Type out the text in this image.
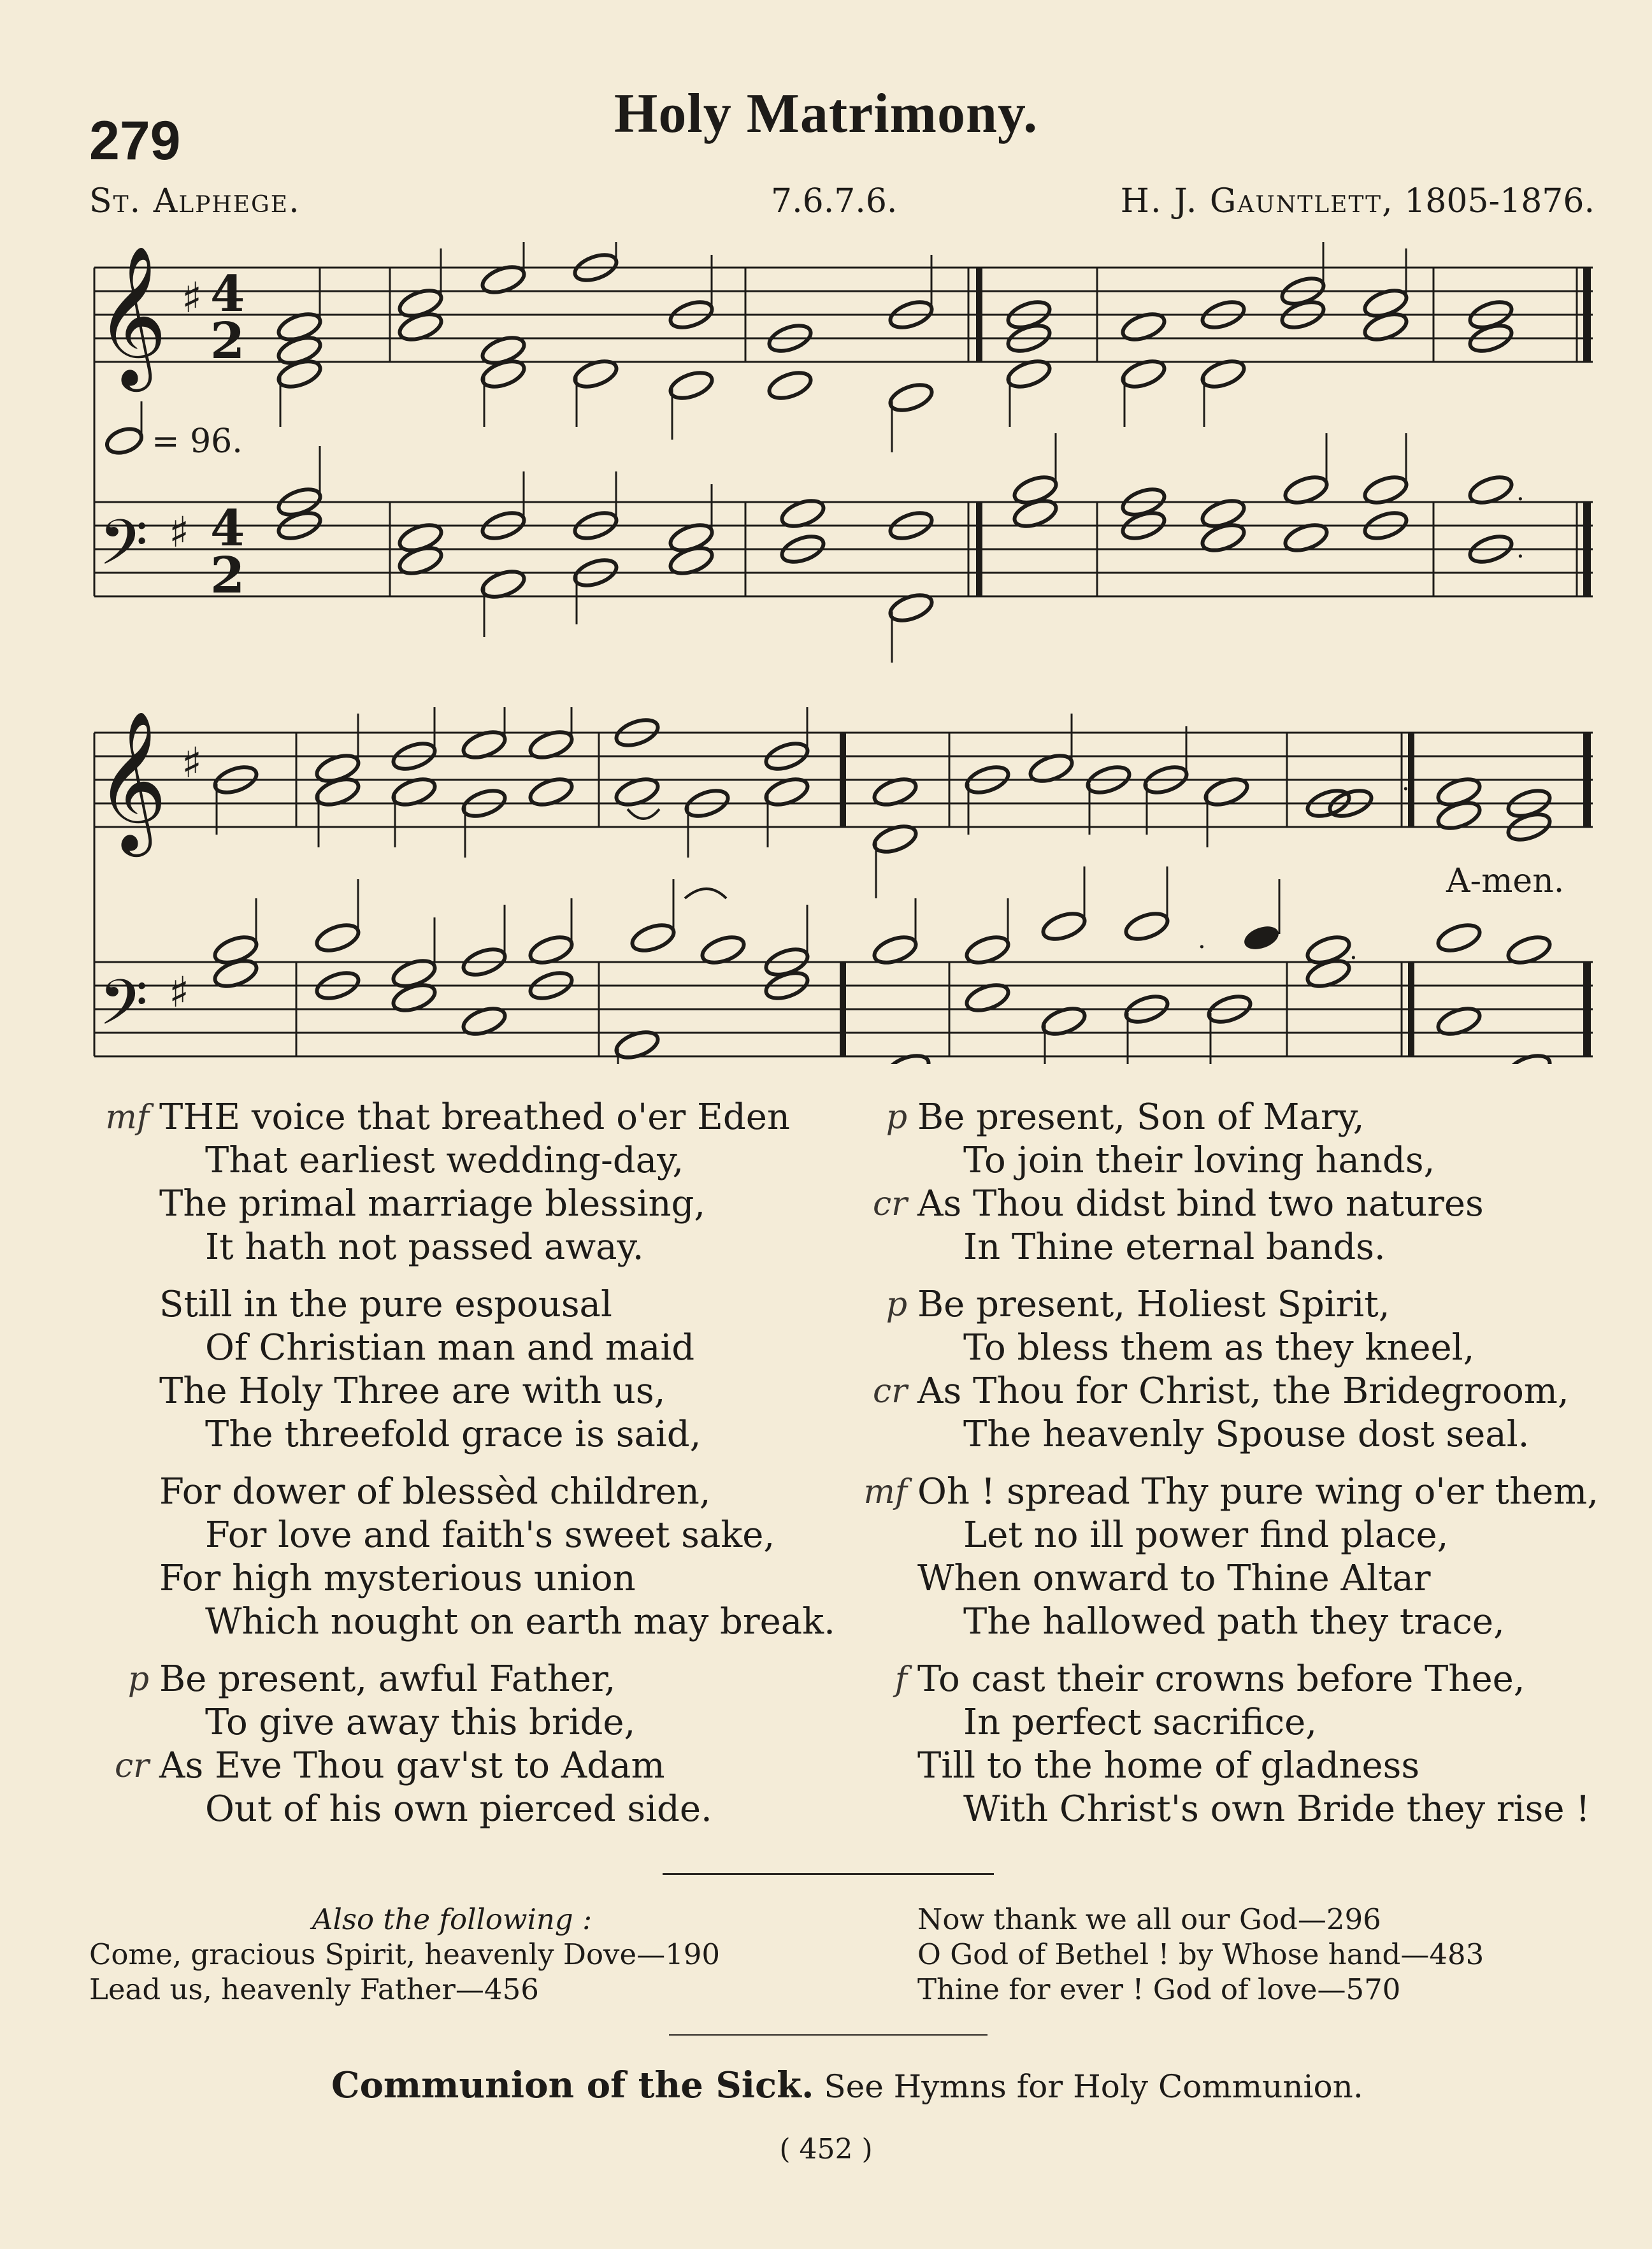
279	Holy Matrimony.
St. Alphege.	7.6.7.6.	H. J. Gauntlett, 1805-1876.
𝄞 ♯ 4
2
𝄢 ♯ 4
2
= 96.
.
.
𝄞 ♯
𝄢 ♯
.
A-men.
.	.
mf THE voice that breathed o'er Eden
That earliest wedding-day,
The primal marriage blessing,
It hath not passed away.
Still in the pure espousal
Of Christian man and maid
The Holy Three are with us,
The threefold grace is said,
For dower of blessèd children,
For love and faith's sweet sake,
For high mysterious union
Which nought on earth may break.
p
cr
Be present, awful Father,
To give away this bride,
As Eve Thou gav'st to Adam
Out of his own pierced side.
p
cr
Be present, Son of Mary,
To join their loving hands,
As Thou didst bind two natures
In Thine eternal bands.
p
cr
Be present, Holiest Spirit,
To bless them as they kneel,
As Thou for Christ, the Bridegroom,
The heavenly Spouse dost seal.
mf Oh ! spread Thy pure wing o'er them,
Let no ill power find place,
When onward to Thine Altar
The hallowed path they trace,
f To cast their crowns before Thee,
In perfect sacrifice,
Till to the home of gladness
With Christ's own Bride they rise !
Also the following :
Come, gracious Spirit, heavenly Dove—190
Lead us, heavenly Father—456
Now thank we all our God—296
O God of Bethel ! by Whose hand—483
Thine for ever ! God of love—570
Communion of the Sick. See Hymns for Holy Communion.
( 452 )
